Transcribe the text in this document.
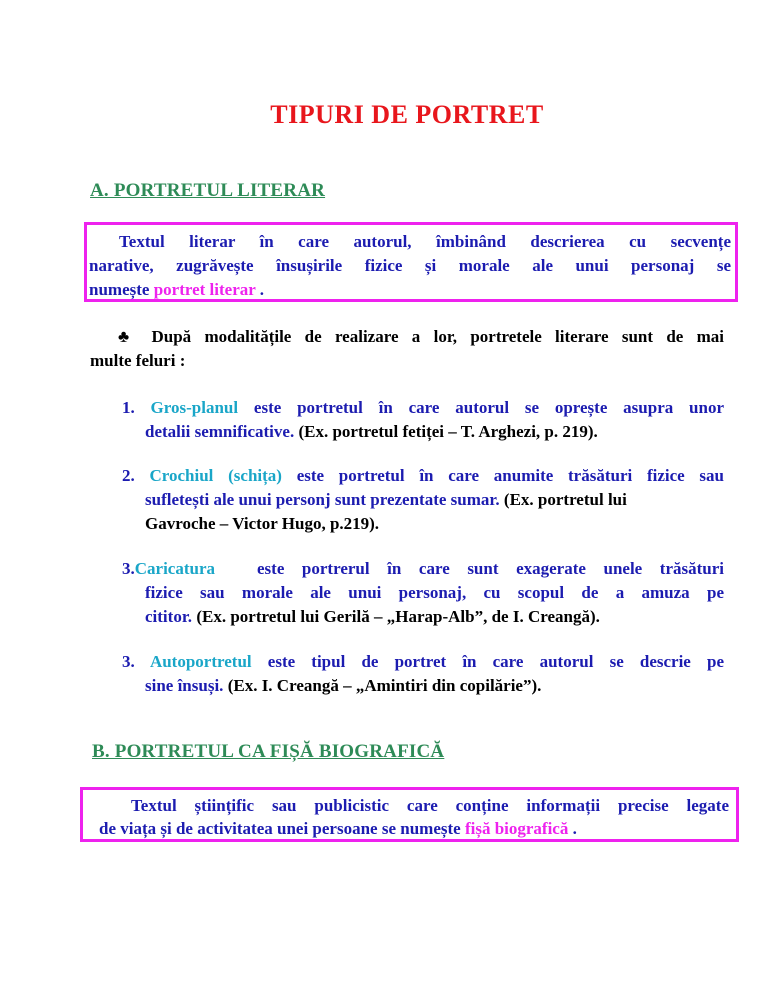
TIPURI DE PORTRET
A. PORTRETUL LITERAR
Textul literar în care autorul, îmbinând descrierea cu secvențe
narative, zugrăvește însușirile fizice și morale ale unui personaj se
numește portret literar .
♣ După modalitățile de realizare a lor, portretele literare sunt de mai
multe feluri :
1. Gros-planul este portretul în care autorul se oprește asupra unor
detalii semnificative. (Ex. portretul fetiței – T. Arghezi, p. 219).
2. Crochiul (schița) este portretul în care anumite trăsături fizice sau
sufletești ale unui personj sunt prezentate sumar. (Ex. portretul lui
Gavroche – Victor Hugo, p.219).
3.Caricatura este portrerul în care sunt exagerate unele trăsături
fizice sau morale ale unui personaj, cu scopul de a amuza pe
cititor. (Ex. portretul lui Gerilă – „Harap-Alb”, de I. Creangă).
3. Autoportretul este tipul de portret în care autorul se descrie pe
sine însuși. (Ex. I. Creangă – „Amintiri din copilărie”).
B. PORTRETUL CA FIȘĂ BIOGRAFICĂ
Textul științific sau publicistic care conține informații precise legate
de viața și de activitatea unei persoane se numește fișă biografică .
